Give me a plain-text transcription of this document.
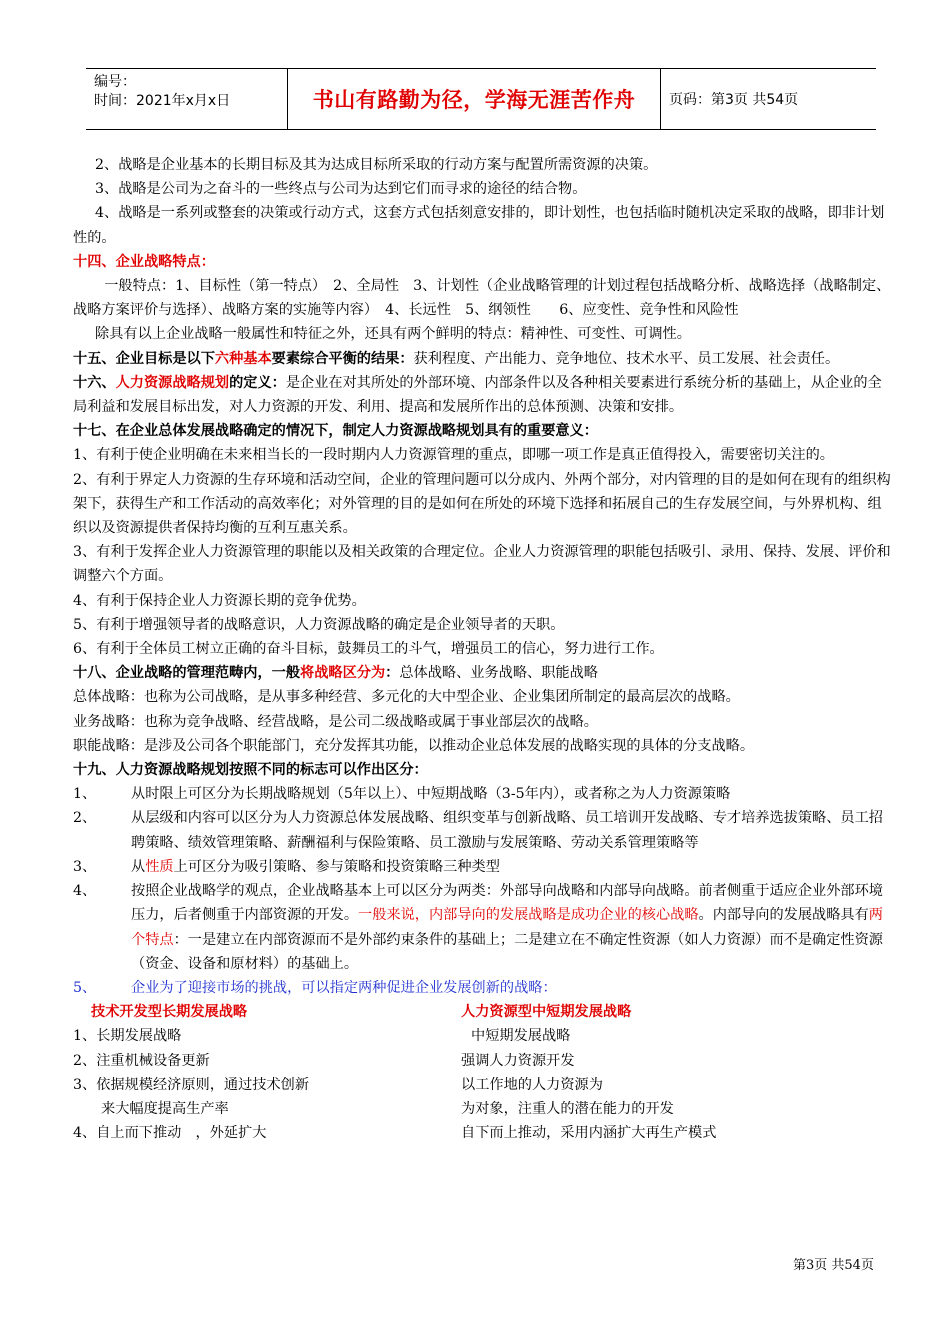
编号：
时间：2021年x月x日	书山有路勤为径，学海无涯苦作舟	页码：第3页 共54页

2、战略是企业基本的长期目标及其为达成目标所采取的行动方案与配置所需资源的决策。

3、战略是公司为之奋斗的一些终点与公司为达到它们而寻求的途径的结合物。

4、战略是一系列或整套的决策或行动方式，这套方式包括刻意安排的，即计划性，也包括临时随机决定采取的战略，即非计划性的。

十四、企业战略特点：

一般特点：1、目标性（第一特点）　2、全局性　3、计划性（企业战略管理的计划过程包括战略分析、战略选择（战略制定、战略方案评价与选择）、战略方案的实施等内容）　4、长远性　5、纲领性　　6、应变性、竞争性和风险性

除具有以上企业战略一般属性和特征之外，还具有两个鲜明的特点：精神性、可变性、可调性。

十五、企业目标是以下六种基本要素综合平衡的结果：获利程度、产出能力、竞争地位、技术水平、员工发展、社会责任。

十六、人力资源战略规划的定义：是企业在对其所处的外部环境、内部条件以及各种相关要素进行系统分析的基础上，从企业的全局利益和发展目标出发，对人力资源的开发、利用、提高和发展所作出的总体预测、决策和安排。

十七、在企业总体发展战略确定的情况下，制定人力资源战略规划具有的重要意义：

1、有利于使企业明确在未来相当长的一段时期内人力资源管理的重点，即哪一项工作是真正值得投入，需要密切关注的。

2、有利于界定人力资源的生存环境和活动空间，企业的管理问题可以分成内、外两个部分，对内管理的目的是如何在现有的组织构架下，获得生产和工作活动的高效率化；对外管理的目的是如何在所处的环境下选择和拓展自己的生存发展空间，与外界机构、组织以及资源提供者保持均衡的互利互惠关系。

3、有利于发挥企业人力资源管理的职能以及相关政策的合理定位。企业人力资源管理的职能包括吸引、录用、保持、发展、评价和调整六个方面。

4、有利于保持企业人力资源长期的竞争优势。

5、有利于增强领导者的战略意识，人力资源战略的确定是企业领导者的天职。

6、有利于全体员工树立正确的奋斗目标，鼓舞员工的斗气，增强员工的信心，努力进行工作。

十八、企业战略的管理范畴内，一般将战略区分为：总体战略、业务战略、职能战略

总体战略：也称为公司战略，是从事多种经营、多元化的大中型企业、企业集团所制定的最高层次的战略。

业务战略：也称为竞争战略、经营战略，是公司二级战略或属于事业部层次的战略。

职能战略：是涉及公司各个职能部门，充分发挥其功能，以推动企业总体发展的战略实现的具体的分支战略。

十九、人力资源战略规划按照不同的标志可以作出区分：

1、	从时限上可区分为长期战略规划（5年以上）、中短期战略（3-5年内），或者称之为人力资源策略
2、	从层级和内容可以区分为人力资源总体发展战略、组织变革与创新战略、员工培训开发战略、专才培养选拔策略、员工招聘策略、绩效管理策略、薪酬福利与保险策略、员工激励与发展策略、劳动关系管理策略等
3、	从性质上可区分为吸引策略、参与策略和投资策略三种类型
4、	按照企业战略学的观点，企业战略基本上可以区分为两类：外部导向战略和内部导向战略。前者侧重于适应企业外部环境压力，后者侧重于内部资源的开发。一般来说，内部导向的发展战略是成功企业的核心战略。内部导向的发展战略具有两个特点：一是建立在内部资源而不是外部约束条件的基础上；二是建立在不确定性资源（如人力资源）而不是确定性资源（资金、设备和原材料）的基础上。
5、	企业为了迎接市场的挑战，可以指定两种促进企业发展创新的战略：
技术开发型长期发展战略	人力资源型中短期发展战略
1、长期发展战略	中短期发展战略
2、注重机械设备更新	强调人力资源开发
3、依据规模经济原则，通过技术创新	以工作地的人力资源为
来大幅度提高生产率	为对象，注重人的潜在能力的开发
4、自上而下推动　，外延扩大	自下而上推动，采用内涵扩大再生产模式
第3页 共54页
